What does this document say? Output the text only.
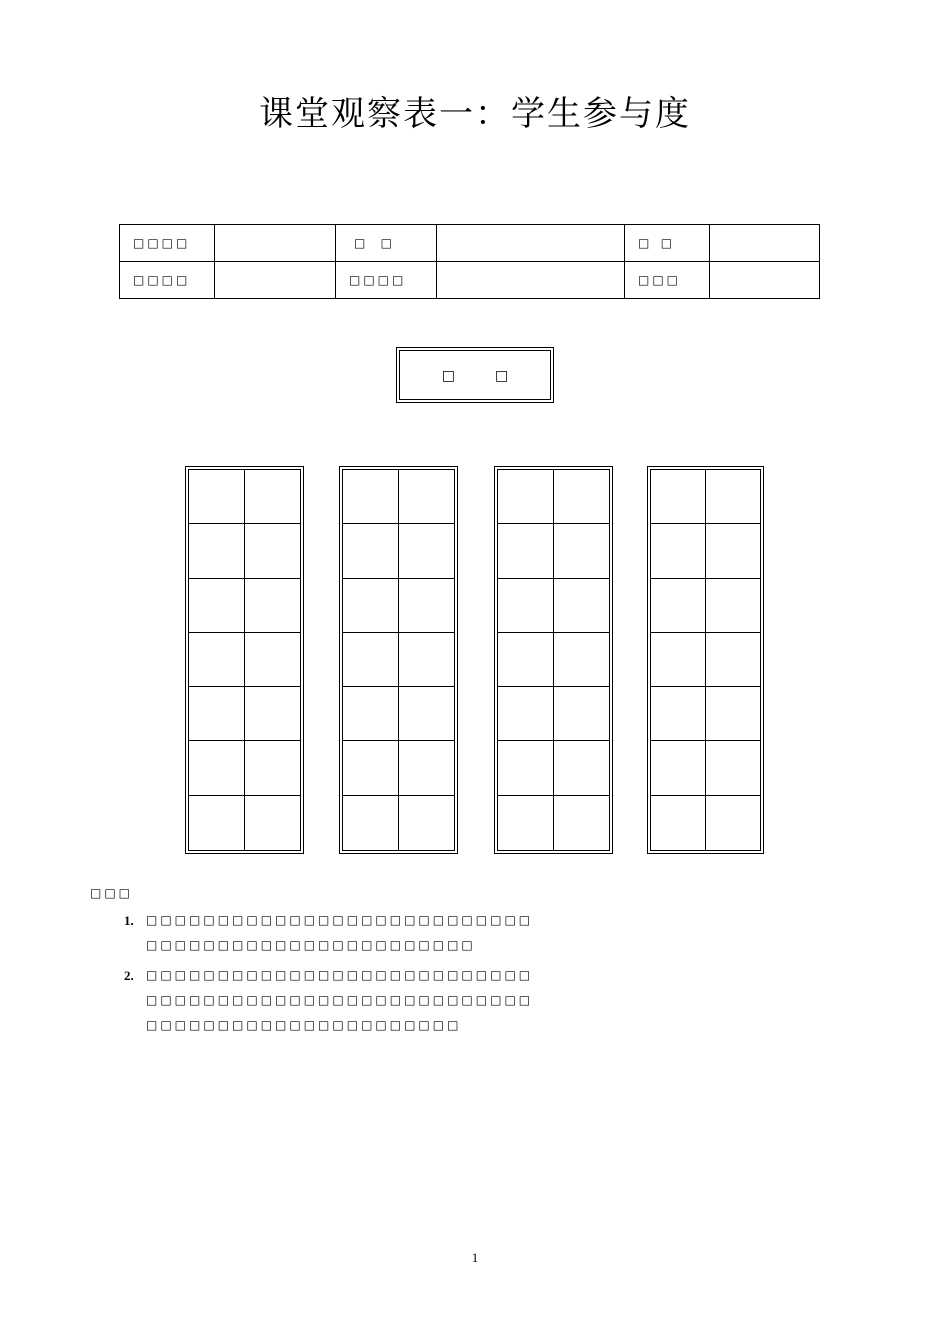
课堂观察表一：学生参与度
□□□□		□    □		□   □	
□□□□		□□□□		□□□	
□□
□□□
1.	□□□□□□□□□□□□□□□□□□□□□□□□□□□□□□□□□□□□□□□□□□□□□□□□□□
2.	□□□□□□□□□□□□□□□□□□□□□□□□□□□□□□□□□□□□□□□□□□□□□□□□□□□□□□□□□□□□□□□□□□□□□□□□□□□□
1
